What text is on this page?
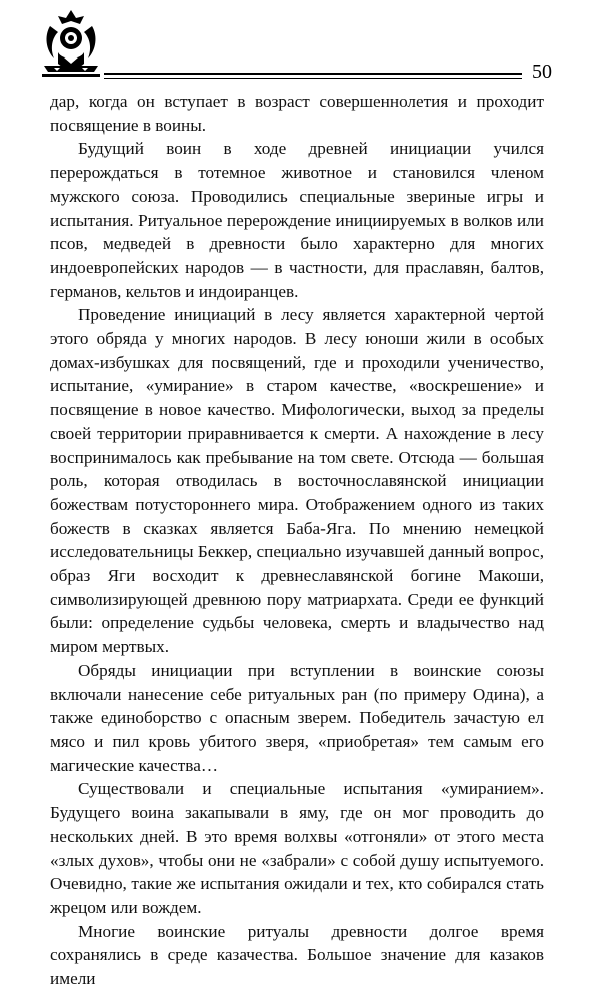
50

дар, когда он вступает в возраст совершеннолетия и проходит посвящение в воины.

Будущий воин в ходе древней инициации учился перерождаться в тотемное животное и становился членом мужского союза. Проводились специальные звериные игры и испытания. Ритуальное перерождение инициируемых в волков или псов, медведей в древности было характерно для многих индоевропейских народов — в частности, для праславян, балтов, германов, кельтов и индоиранцев.

Проведение инициаций в лесу является характерной чертой этого обряда у многих народов. В лесу юноши жили в особых домах-избушках для посвящений, где и проходили ученичество, испытание, «умирание» в старом качестве, «воскрешение» и посвящение в новое качество. Мифологически, выход за пределы своей территории приравнивается к смерти. А нахождение в лесу воспринималось как пребывание на том свете. Отсюда — большая роль, которая отводилась в восточнославянской инициации божествам потустороннего мира. Отображением одного из таких божеств в сказках является Баба-Яга. По мнению немецкой исследовательницы Беккер, специально изучавшей данный вопрос, образ Яги восходит к древнеславянской богине Макоши, символизирующей древнюю пору матриархата. Среди ее функций были: определение судьбы человека, смерть и владычество над миром мертвых.

Обряды инициации при вступлении в воинские союзы включали нанесение себе ритуальных ран (по примеру Одина), а также единоборство с опасным зверем. Победитель зачастую ел мясо и пил кровь убитого зверя, «приобретая» тем самым его магические качества…

Существовали и специальные испытания «умиранием». Будущего воина закапывали в яму, где он мог проводить до нескольких дней. В это время волхвы «отгоняли» от этого места «злых духов», чтобы они не «забрали» с собой душу испытуемого. Очевидно, такие же испытания ожидали и тех, кто собирался стать жрецом или вождем.

Многие воинские ритуалы древности долгое время сохранялись в среде казачества. Большое значение для казаков имели
